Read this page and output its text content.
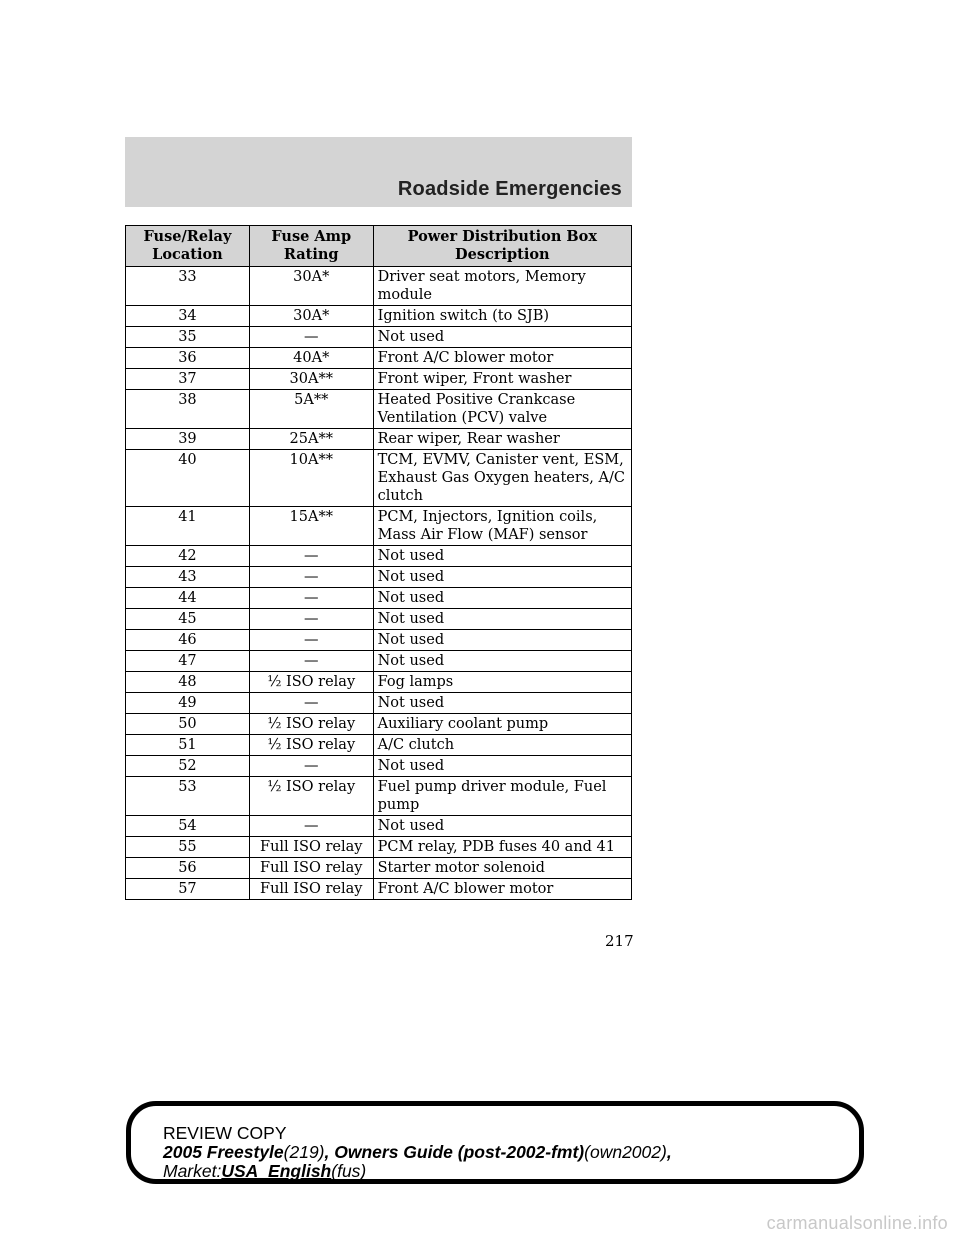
Roadside Emergencies
Fuse/Relay Location	Fuse Amp Rating	Power Distribution Box Description
33	30A*	Driver seat motors, Memory module
34	30A*	Ignition switch (to SJB)
35	—	Not used
36	40A*	Front A/C blower motor
37	30A**	Front wiper, Front washer
38	5A**	Heated Positive Crankcase Ventilation (PCV) valve
39	25A**	Rear wiper, Rear washer
40	10A**	TCM, EVMV, Canister vent, ESM, Exhaust Gas Oxygen heaters, A/C clutch
41	15A**	PCM, Injectors, Ignition coils, Mass Air Flow (MAF) sensor
42	—	Not used
43	—	Not used
44	—	Not used
45	—	Not used
46	—	Not used
47	—	Not used
48	½ ISO relay	Fog lamps
49	—	Not used
50	½ ISO relay	Auxiliary coolant pump
51	½ ISO relay	A/C clutch
52	—	Not used
53	½ ISO relay	Fuel pump driver module, Fuel pump
54	—	Not used
55	Full ISO relay	PCM relay, PDB fuses 40 and 41
56	Full ISO relay	Starter motor solenoid
57	Full ISO relay	Front A/C blower motor
217
REVIEW COPY
2005 Freestyle(219), Owners Guide (post-2002-fmt)(own2002),
Market:USA_English(fus)
carmanualsonline.info
